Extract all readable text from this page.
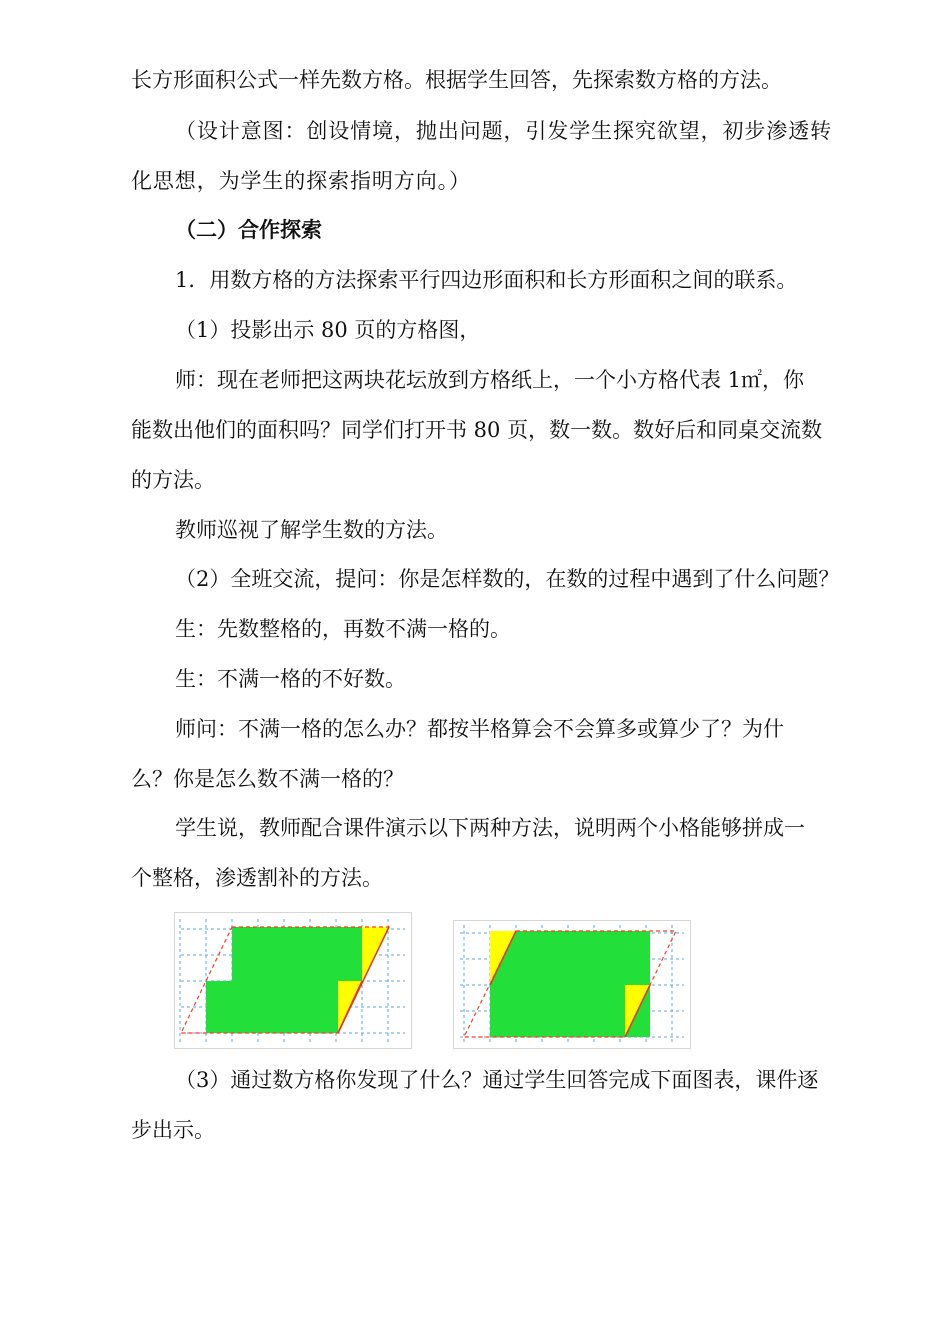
长方形面积公式一样先数方格。根据学生回答，先探索数方格的方法。
（设计意图：创设情境，抛出问题，引发学生探究欲望，初步渗透转
化思想，为学生的探索指明方向。）
（二）合作探索
1．用数方格的方法探索平行四边形面积和长方形面积之间的联系。
（1）投影出示 80 页的方格图，
师：现在老师把这两块花坛放到方格纸上，一个小方格代表 1㎡，你
能数出他们的面积吗？同学们打开书 80 页，数一数。数好后和同桌交流数
的方法。
教师巡视了解学生数的方法。
（2）全班交流，提问：你是怎样数的，在数的过程中遇到了什么问题？
生：先数整格的，再数不满一格的。
生：不满一格的不好数。
师问：不满一格的怎么办？都按半格算会不会算多或算少了？为什
么？你是怎么数不满一格的？
学生说，教师配合课件演示以下两种方法，说明两个小格能够拼成一
个整格，渗透割补的方法。
（3）通过数方格你发现了什么？通过学生回答完成下面图表，课件逐
步出示。
